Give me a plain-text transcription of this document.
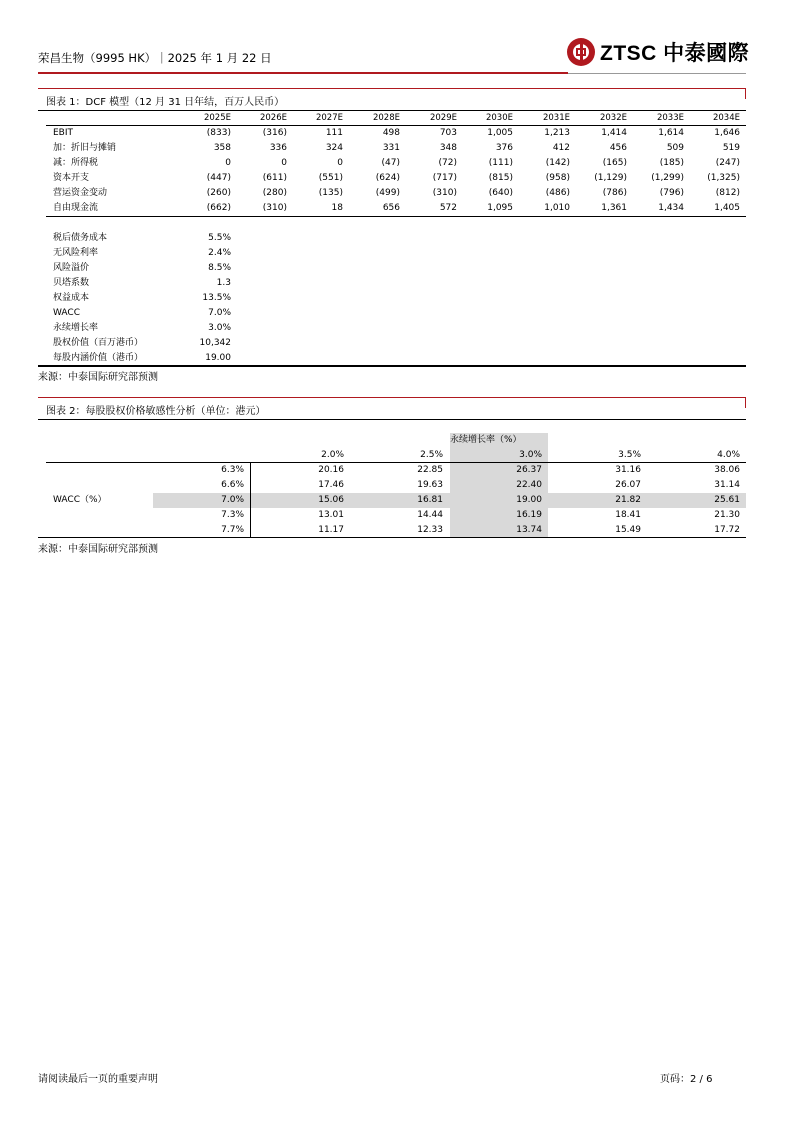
荣昌生物（9995 HK）｜2025 年 1 月 22 日	ZTSC 中泰國際
图表 1：DCF 模型（12 月 31 日年结，百万人民币）
2025E	2026E	2027E	2028E	2029E	2030E	2031E	2032E	2033E	2034E
EBIT	(833)	(316)	111	498	703	1,005	1,213	1,414	1,614	1,646
加：折旧与摊销	358	336	324	331	348	376	412	456	509	519
减：所得税	0	0	0	(47)	(72)	(111)	(142)	(165)	(185)	(247)
资本开支	(447)	(611)	(551)	(624)	(717)	(815)	(958)	(1,129)	(1,299)	(1,325)
营运资金变动	(260)	(280)	(135)	(499)	(310)	(640)	(486)	(786)	(796)	(812)
自由现金流	(662)	(310)	18	656	572	1,095	1,010	1,361	1,434	1,405
税后债务成本	5.5%
无风险利率	2.4%
风险溢价	8.5%
贝塔系数	1.3
权益成本	13.5%
WACC	7.0%
永续增长率	3.0%
股权价值（百万港币）	10,342
每股内涵价值（港币）	19.00
来源：中泰国际研究部预测
图表 2：每股股权价格敏感性分析（单位：港元）
永续增长率（%）
2.0%	2.5%	3.0%	3.5%	4.0%
6.3%	20.16	22.85	26.37	31.16	38.06
6.6%	17.46	19.63	22.40	26.07	31.14
7.0%	15.06	16.81	19.00	21.82	25.61
7.3%	13.01	14.44	16.19	18.41	21.30
7.7%	11.17	12.33	13.74	15.49	17.72
WACC（%）
来源：中泰国际研究部预测
请阅读最后一页的重要声明	页码：2 / 6
